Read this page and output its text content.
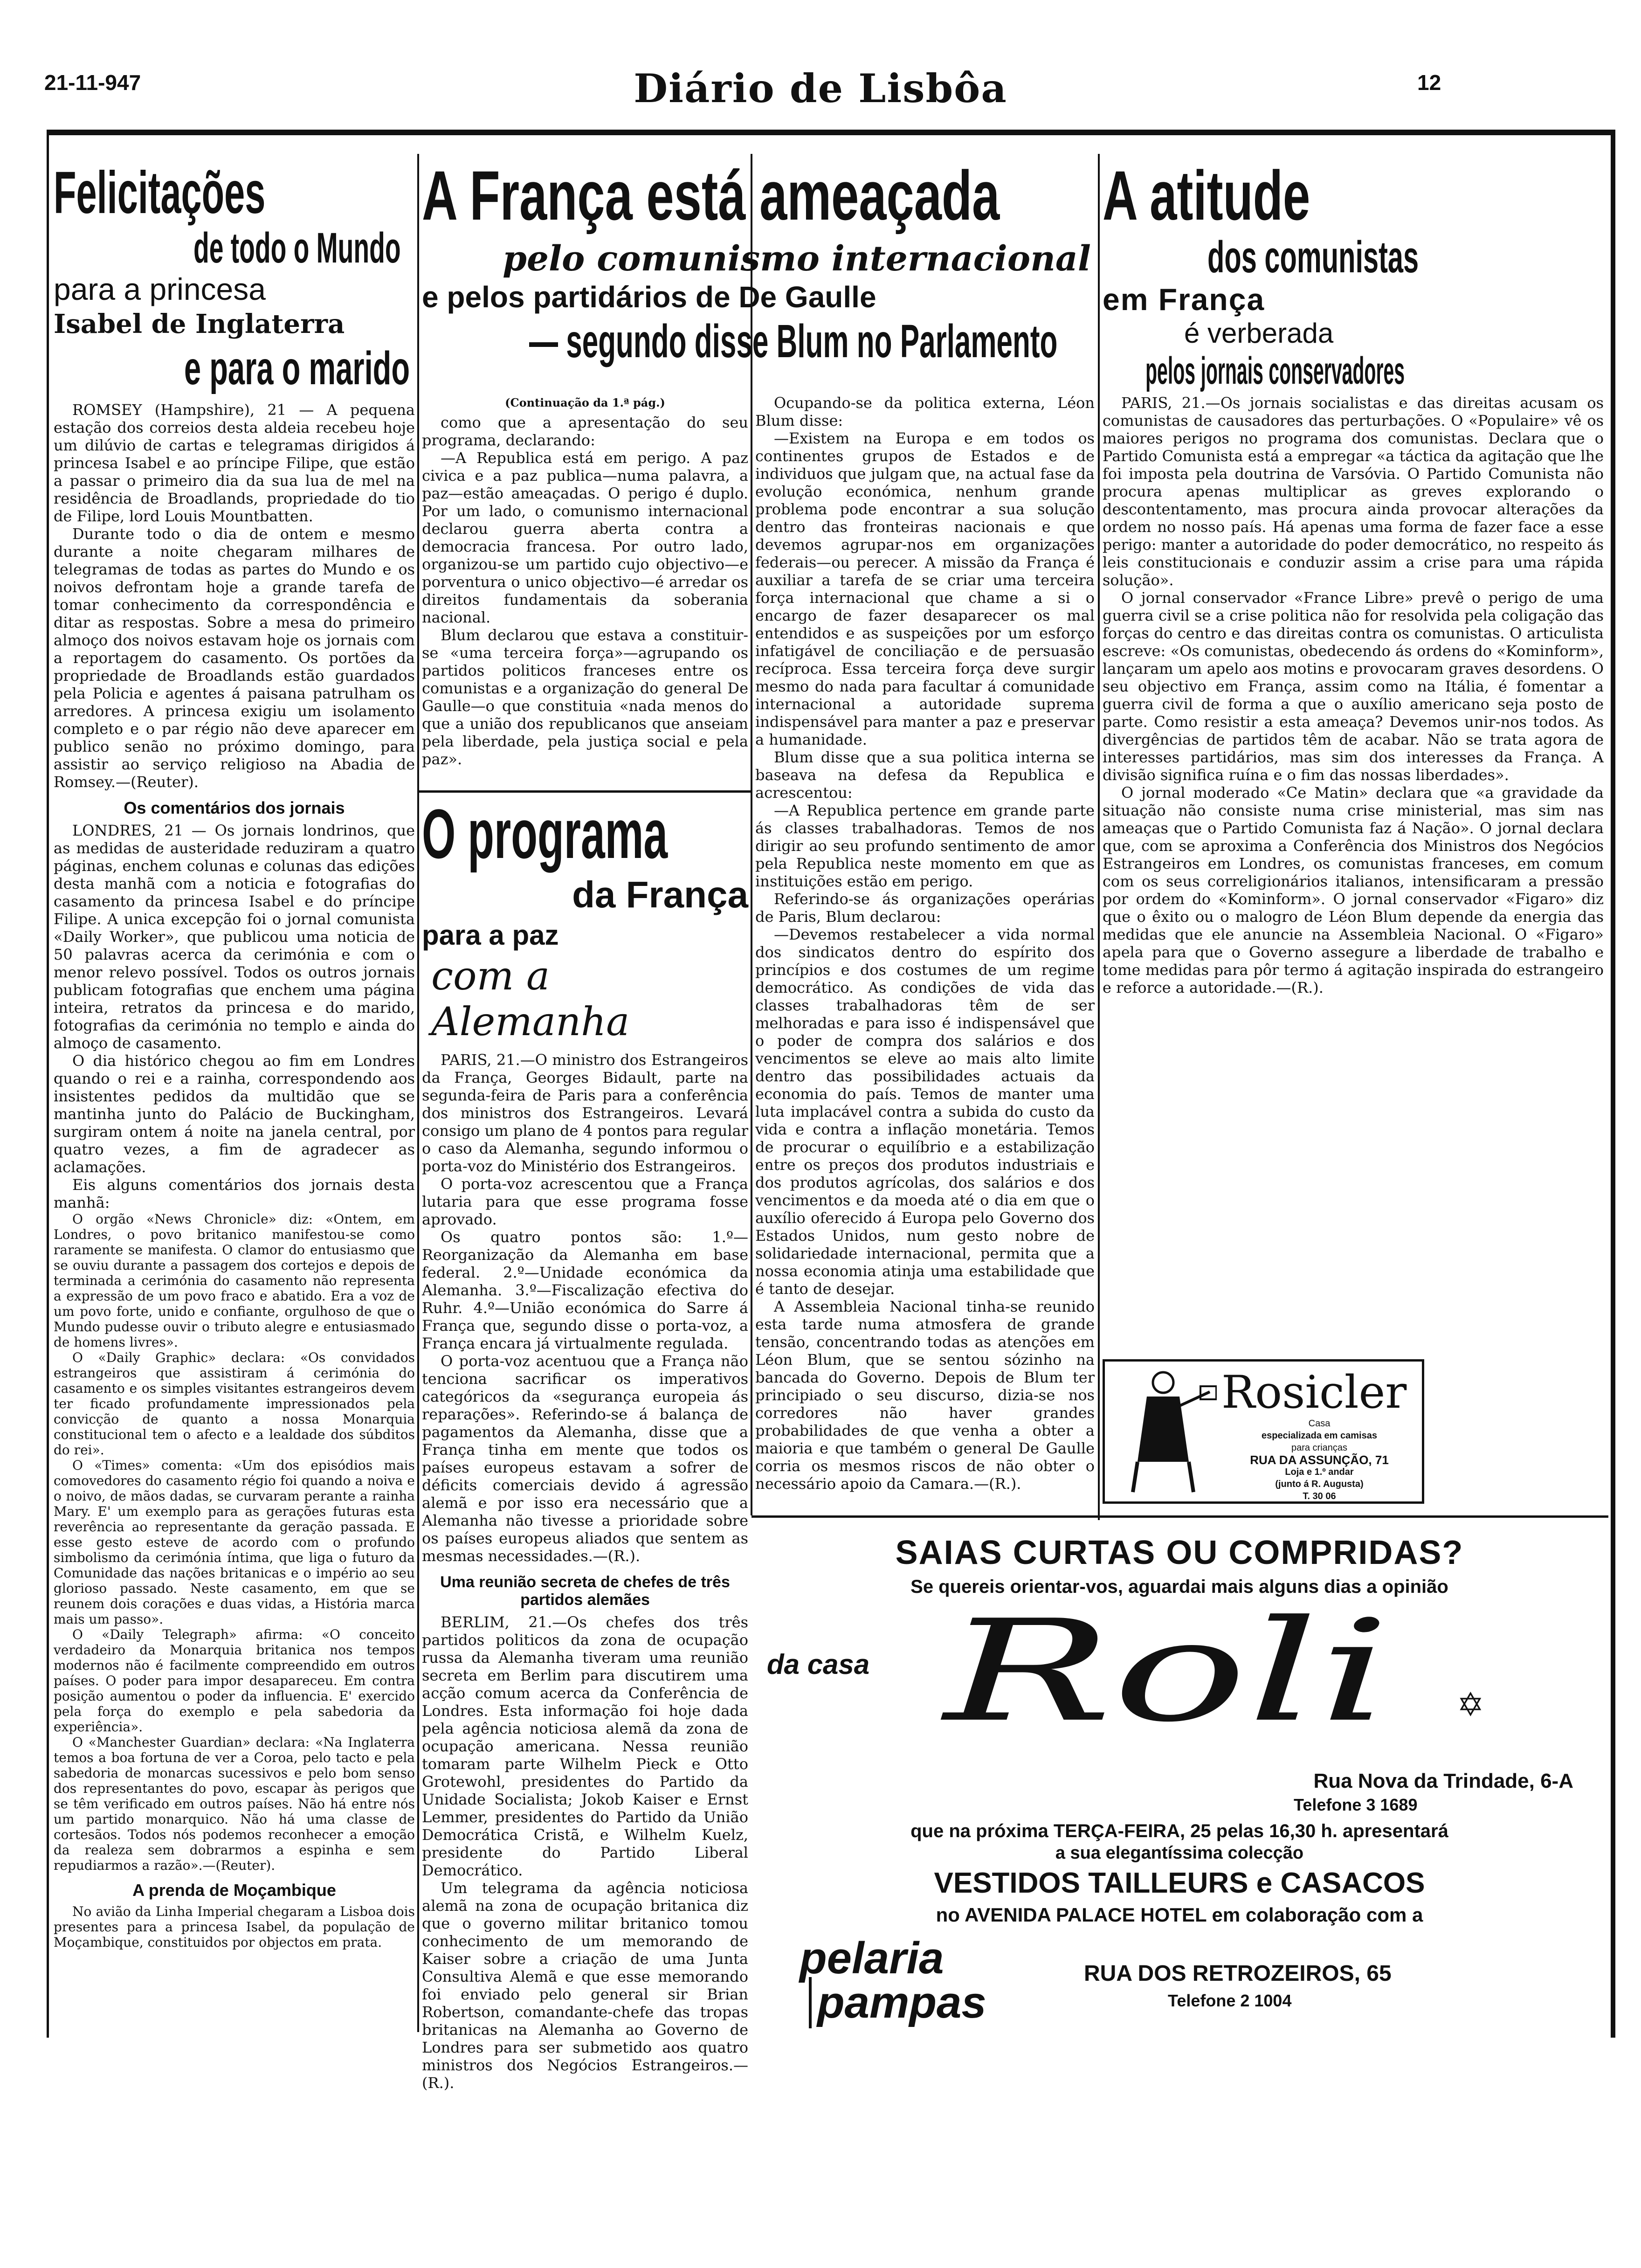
21-11-947	Diário de Lisbôa	12
Felicitações
de todo o Mundo
para a princesa
Isabel de Inglaterra
e para o marido

ROMSEY (Hampshire), 21 — A pequena estação dos correios desta aldeia recebeu hoje um dilúvio de cartas e telegramas dirigidos á princesa Isabel e ao príncipe Filipe, que estão a passar o primeiro dia da sua lua de mel na residência de Broadlands, propriedade do tio de Filipe, lord Louis Mountbatten.

Durante todo o dia de ontem e mesmo durante a noite chegaram milhares de telegramas de todas as partes do Mundo e os noivos defrontam hoje a grande tarefa de tomar conhecimento da correspondência e ditar as respostas. Sobre a mesa do primeiro almoço dos noivos estavam hoje os jornais com a reportagem do casamento. Os portões da propriedade de Broadlands estão guardados pela Policia e agentes á paisana patrulham os arredores. A princesa exigiu um isolamento completo e o par régio não deve aparecer em publico senão no próximo domingo, para assistir ao serviço religioso na Abadia de Romsey.—(Reuter).

Os comentários dos jornais

LONDRES, 21 — Os jornais londrinos, que as medidas de austeridade reduziram a quatro páginas, enchem colunas e colunas das edições desta manhã com a noticia e fotografias do casamento da princesa Isabel e do príncipe Filipe. A unica excepção foi o jornal comunista «Daily Worker», que publicou uma noticia de 50 palavras acerca da cerimónia e com o menor relevo possível. Todos os outros jornais publicam fotografias que enchem uma página inteira, retratos da princesa e do marido, fotografias da cerimónia no templo e ainda do almoço de casamento.

O dia histórico chegou ao fim em Londres quando o rei e a rainha, correspondendo aos insistentes pedidos da multidão que se mantinha junto do Palácio de Buckingham, surgiram ontem á noite na janela central, por quatro vezes, a fim de agradecer as aclamações.

Eis alguns comentários dos jornais desta manhã:

O orgão «News Chronicle» diz: «Ontem, em Londres, o povo britanico manifestou-se como raramente se manifesta. O clamor do entusiasmo que se ouviu durante a passagem dos cortejos e depois de terminada a cerimónia do casamento não representa a expressão de um povo fraco e abatido. Era a voz de um povo forte, unido e confiante, orgulhoso de que o Mundo pudesse ouvir o tributo alegre e entusiasmado de homens livres».

O «Daily Graphic» declara: «Os convidados estrangeiros que assistiram á cerimónia do casamento e os simples visitantes estrangeiros devem ter ficado profundamente impressionados pela convicção de quanto a nossa Monarquia constitucional tem o afecto e a lealdade dos súbditos do rei».

O «Times» comenta: «Um dos episódios mais comovedores do casamento régio foi quando a noiva e o noivo, de mãos dadas, se curvaram perante a rainha Mary. E' um exemplo para as gerações futuras esta reverência ao representante da geração passada. E esse gesto esteve de acordo com o profundo simbolismo da cerimónia íntima, que liga o futuro da Comunidade das nações britanicas e o império ao seu glorioso passado. Neste casamento, em que se reunem dois corações e duas vidas, a História marca mais um passo».

O «Daily Telegraph» afirma: «O conceito verdadeiro da Monarquia britanica nos tempos modernos não é facilmente compreendido em outros países. O poder para impor desapareceu. Em contra posição aumentou o poder da influencia. E' exercido pela força do exemplo e pela sabedoria da experiência».

O «Manchester Guardian» declara: «Na Inglaterra temos a boa fortuna de ver a Coroa, pelo tacto e pela sabedoria de monarcas sucessivos e pelo bom senso dos representantes do povo, escapar às perigos que se têm verificado em outros países. Não há entre nós um partido monarquico. Não há uma classe de cortesãos. Todos nós podemos reconhecer a emoção da realeza sem dobrarmos a espinha e sem repudiarmos a razão».—(Reuter).

A prenda de Moçambique

No avião da Linha Imperial chegaram a Lisboa dois presentes para a princesa Isabel, da população de Moçambique, constituidos por objectos em prata.

A França está ameaçada
pelo comunismo internacional
e pelos partidários de De Gaulle
— segundo disse Blum no Parlamento
(Continuação da 1.ª pág.)

como que a apresentação do seu programa, declarando:

—A Republica está em perigo. A paz civica e a paz publica—numa palavra, a paz—estão ameaçadas. O perigo é duplo. Por um lado, o comunismo internacional declarou guerra aberta contra a democracia francesa. Por outro lado, organizou-se um partido cujo objectivo—e porventura o unico objectivo—é arredar os direitos fundamentais da soberania nacional.

Blum declarou que estava a constituir-se «uma terceira força»—agrupando os partidos politicos franceses entre os comunistas e a organização do general De Gaulle—o que constituia «nada menos do que a união dos republicanos que anseiam pela liberdade, pela justiça social e pela paz».

O programa
da França
para a paz
com a Alemanha

PARIS, 21.—O ministro dos Estrangeiros da França, Georges Bidault, parte na segunda-feira de Paris para a conferência dos ministros dos Estrangeiros. Levará consigo um plano de 4 pontos para regular o caso da Alemanha, segundo informou o porta-voz do Ministério dos Estrangeiros.

O porta-voz acrescentou que a França lutaria para que esse programa fosse aprovado.

Os quatro pontos são: 1.º—Reorganização da Alemanha em base federal. 2.º—Unidade económica da Alemanha. 3.º—Fiscalização efectiva do Ruhr. 4.º—União económica do Sarre á França que, segundo disse o porta-voz, a França encara já virtualmente regulada.

O porta-voz acentuou que a França não tenciona sacrificar os imperativos categóricos da «segurança europeia ás reparações». Referindo-se á balança de pagamentos da Alemanha, disse que a França tinha em mente que todos os países europeus estavam a sofrer de déficits comerciais devido á agressão alemã e por isso era necessário que a Alemanha não tivesse a prioridade sobre os países europeus aliados que sentem as mesmas necessidades.—(R.).

Uma reunião secreta de chefes de três partidos alemães

BERLIM, 21.—Os chefes dos três partidos politicos da zona de ocupação russa da Alemanha tiveram uma reunião secreta em Berlim para discutirem uma acção comum acerca da Conferência de Londres. Esta informação foi hoje dada pela agência noticiosa alemã da zona de ocupação americana. Nessa reunião tomaram parte Wilhelm Pieck e Otto Grotewohl, presidentes do Partido da Unidade Socialista; Jokob Kaiser e Ernst Lemmer, presidentes do Partido da União Democrática Cristã, e Wilhelm Kuelz, presidente do Partido Liberal Democrático.

Um telegrama da agência noticiosa alemã na zona de ocupação britanica diz que o governo militar britanico tomou conhecimento de um memorando de Kaiser sobre a criação de uma Junta Consultiva Alemã e que esse memorando foi enviado pelo general sir Brian Robertson, comandante-chefe das tropas britanicas na Alemanha ao Governo de Londres para ser submetido aos quatro ministros dos Negócios Estrangeiros.—(R.).

Ocupando-se da politica externa, Léon Blum disse:

—Existem na Europa e em todos os continentes grupos de Estados e de individuos que julgam que, na actual fase da evolução económica, nenhum grande problema pode encontrar a sua solução dentro das fronteiras nacionais e que devemos agrupar-nos em organizações federais—ou perecer. A missão da França é auxiliar a tarefa de se criar uma terceira força internacional que chame a si o encargo de fazer desaparecer os mal entendidos e as suspeições por um esforço infatigável de conciliação e de persuasão recíproca. Essa terceira força deve surgir mesmo do nada para facultar á comunidade internacional a autoridade suprema indispensável para manter a paz e preservar a humanidade.

Blum disse que a sua politica interna se baseava na defesa da Republica e acrescentou:

—A Republica pertence em grande parte ás classes trabalhadoras. Temos de nos dirigir ao seu profundo sentimento de amor pela Republica neste momento em que as instituições estão em perigo.

Referindo-se ás organizações operárias de Paris, Blum declarou:

—Devemos restabelecer a vida normal dos sindicatos dentro do espírito dos princípios e dos costumes de um regime democrático. As condições de vida das classes trabalhadoras têm de ser melhoradas e para isso é indispensável que o poder de compra dos salários e dos vencimentos se eleve ao mais alto limite dentro das possibilidades actuais da economia do país. Temos de manter uma luta implacável contra a subida do custo da vida e contra a inflação monetária. Temos de procurar o equilíbrio e a estabilização entre os preços dos produtos industriais e dos produtos agrícolas, dos salários e dos vencimentos e da moeda até o dia em que o auxílio oferecido á Europa pelo Governo dos Estados Unidos, num gesto nobre de solidariedade internacional, permita que a nossa economia atinja uma estabilidade que é tanto de desejar.

A Assembleia Nacional tinha-se reunido esta tarde numa atmosfera de grande tensão, concentrando todas as atenções em Léon Blum, que se sentou sózinho na bancada do Governo. Depois de Blum ter principiado o seu discurso, dizia-se nos corredores não haver grandes probabilidades de que venha a obter a maioria e que também o general De Gaulle corria os mesmos riscos de não obter o necessário apoio da Camara.—(R.).

A atitude
dos comunistas
em França
é verberada
pelos jornais conservadores

PARIS, 21.—Os jornais socialistas e das direitas acusam os comunistas de causadores das perturbações. O «Populaire» vê os maiores perigos no programa dos comunistas. Declara que o Partido Comunista está a empregar «a táctica da agitação que lhe foi imposta pela doutrina de Varsóvia. O Partido Comunista não procura apenas multiplicar as greves explorando o descontentamento, mas procura ainda provocar alterações da ordem no nosso país. Há apenas uma forma de fazer face a esse perigo: manter a autoridade do poder democrático, no respeito ás leis constitucionais e conduzir assim a crise para uma rápida solução».

O jornal conservador «France Libre» prevê o perigo de uma guerra civil se a crise politica não for resolvida pela coligação das forças do centro e das direitas contra os comunistas. O articulista escreve: «Os comunistas, obedecendo ás ordens do «Kominform», lançaram um apelo aos motins e provocaram graves desordens. O seu objectivo em França, assim como na Itália, é fomentar a guerra civil de forma a que o auxílio americano seja posto de parte. Como resistir a esta ameaça? Devemos unir-nos todos. As divergências de partidos têm de acabar. Não se trata agora de interesses partidários, mas sim dos interesses da França. A divisão significa ruína e o fim das nossas liberdades».

O jornal moderado «Ce Matin» declara que «a gravidade da situação não consiste numa crise ministerial, mas sim nas ameaças que o Partido Comunista faz á Nação». O jornal declara que, com se aproxima a Conferência dos Ministros dos Negócios Estrangeiros em Londres, os comunistas franceses, em comum com os seus correligionários italianos, intensificaram a pressão por ordem do «Kominform». O jornal conservador «Figaro» diz que o êxito ou o malogro de Léon Blum depende da energia das medidas que ele anuncie na Assembleia Nacional. O «Figaro» apela para que o Governo assegure a liberdade de trabalho e tome medidas para pôr termo á agitação inspirada do estrangeiro e reforce a autoridade.—(R.).

Rosicler
Casa
especializada em camisas
para crianças
RUA DA ASSUNÇÃO, 71
Loja e 1.º andar
(junto á R. Augusta)
T. 30 06
SAIAS CURTAS OU COMPRIDAS?
Se quereis orientar-vos, aguardai mais alguns dias a opinião
da casa Roli ✡
Rua Nova da Trindade, 6-A
Telefone 3 1689
que na próxima TERÇA-FEIRA, 25 pelas 16,30 h. apresentará
a sua elegantíssima colecção
VESTIDOS TAILLEURS e CASACOS
no AVENIDA PALACE HOTEL em colaboração com a
pelaria
pampas
RUA DOS RETROZEIROS, 65
Telefone 2 1004
